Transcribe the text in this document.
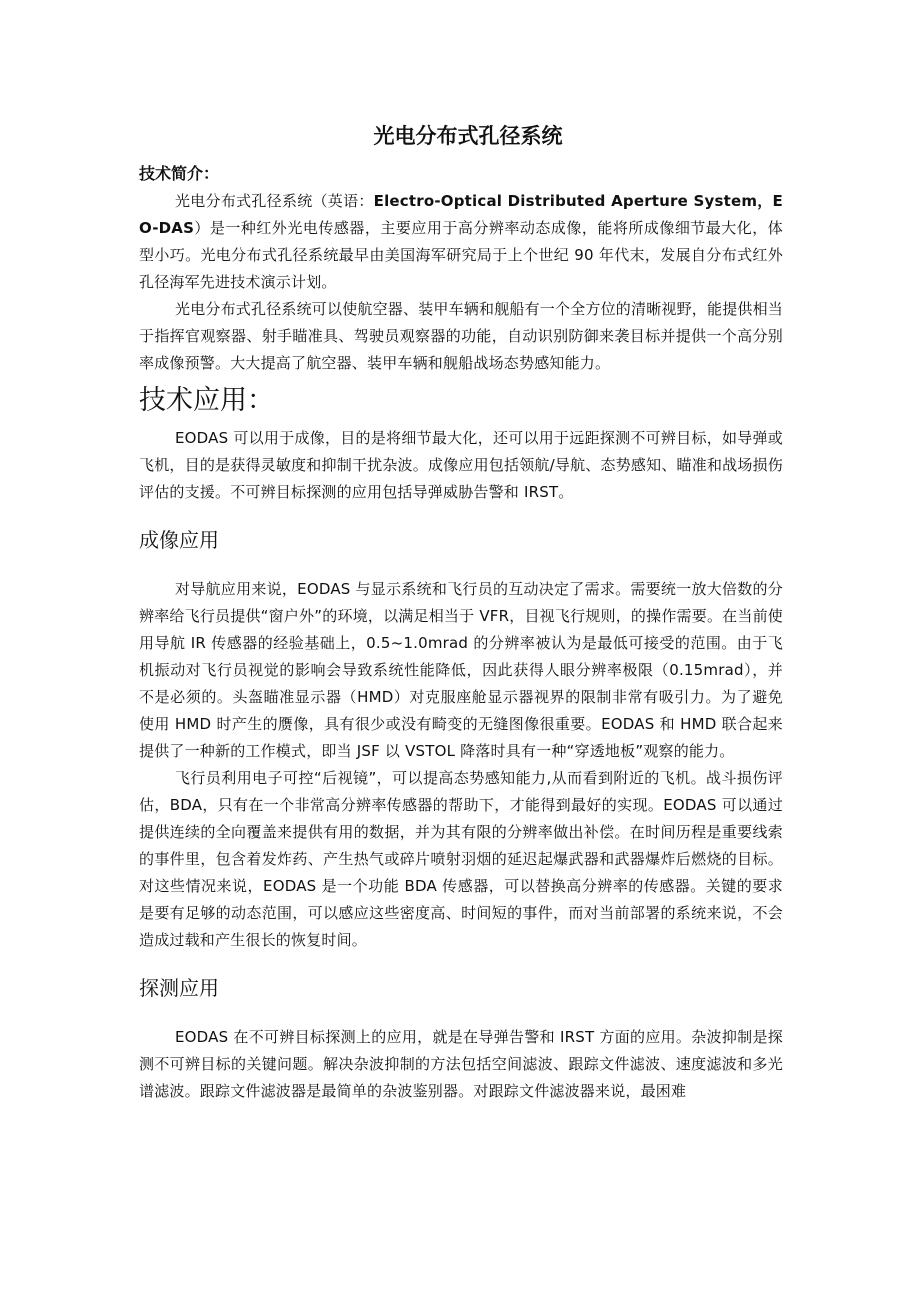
光电分布式孔径系统
技术简介：

光电分布式孔径系统（英语：Electro-Optical Distributed Aperture System，EO-DAS）是一种红外光电传感器，主要应用于高分辨率动态成像，能将所成像细节最大化，体型小巧。光电分布式孔径系统最早由美国海军研究局于上个世纪 90 年代末，发展自分布式红外孔径海军先进技术演示计划。

光电分布式孔径系统可以使航空器、装甲车辆和舰船有一个全方位的清晰视野，能提供相当于指挥官观察器、射手瞄准具、驾驶员观察器的功能，自动识别防御来袭目标并提供一个高分别率成像预警。大大提高了航空器、装甲车辆和舰船战场态势感知能力。

技术应用：

EODAS 可以用于成像，目的是将细节最大化，还可以用于远距探测不可辨目标，如导弹或飞机，目的是获得灵敏度和抑制干扰杂波。成像应用包括领航/导航、态势感知、瞄准和战场损伤评估的支援。不可辨目标探测的应用包括导弹威胁告警和 IRST。

成像应用

对导航应用来说，EODAS 与显示系统和飞行员的互动决定了需求。需要统一放大倍数的分辨率给飞行员提供“窗户外”的环境，以满足相当于 VFR，目视飞行规则，的操作需要。在当前使用导航 IR 传感器的经验基础上，0.5~1.0mrad 的分辨率被认为是最低可接受的范围。由于飞机振动对飞行员视觉的影响会导致系统性能降低，因此获得人眼分辨率极限（0.15mrad），并不是必须的。头盔瞄准显示器（HMD）对克服座舱显示器视界的限制非常有吸引力。为了避免使用 HMD 时产生的赝像，具有很少或没有畸变的无缝图像很重要。EODAS 和 HMD 联合起来提供了一种新的工作模式，即当 JSF 以 VSTOL 降落时具有一种“穿透地板”观察的能力。

飞行员利用电子可控“后视镜”，可以提高态势感知能力,从而看到附近的飞机。战斗损伤评估，BDA，只有在一个非常高分辨率传感器的帮助下，才能得到最好的实现。EODAS 可以通过提供连续的全向覆盖来提供有用的数据，并为其有限的分辨率做出补偿。在时间历程是重要线索的事件里，包含着发炸药、产生热气或碎片喷射羽烟的延迟起爆武器和武器爆炸后燃烧的目标。对这些情况来说，EODAS 是一个功能 BDA 传感器，可以替换高分辨率的传感器。关键的要求是要有足够的动态范围，可以感应这些密度高、时间短的事件，而对当前部署的系统来说，不会造成过载和产生很长的恢复时间。

探测应用

EODAS 在不可辨目标探测上的应用，就是在导弹告警和 IRST 方面的应用。杂波抑制是探测不可辨目标的关键问题。解决杂波抑制的方法包括空间滤波、跟踪文件滤波、速度滤波和多光谱滤波。跟踪文件滤波器是最简单的杂波鉴别器。对跟踪文件滤波器来说，最困难
